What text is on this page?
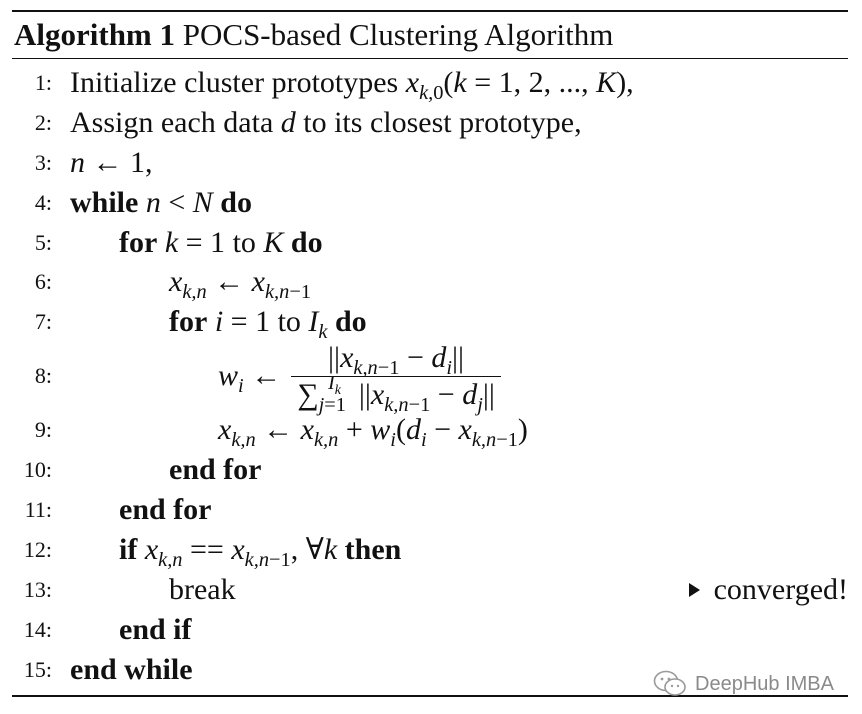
Algorithm 1 POCS-based Clustering Algorithm
1: Initialize cluster prototypes
$x_{k,0}(k = 1$, 2, ..., K),
2: Assign each data
d
to its closest prototype,
3: n ← 1,
4: while
n < N
do
5: for
k = 1
to
K
do
6:	$x_{k,n}$ ← $x_{k,n-1}$
7:	for
i = 1
to
$I_k$
do
8:	$w_i$ ← $\frac{||x_{k,n-1} - d_i||}{\sum_{j=1}^{I_k} ||x_{k,n-1} - d_j||}$
9:	$x_{k,n}$ ← $x_{k,n} + w_i(d_i - x_{k,n-1})$
10:	end for
11: end for
12: if
$x_{k,n} == x_{k,n-1}$, ∀k
then
13:	break	converged!
14: end if
15: end while	DeepHub IMBA
